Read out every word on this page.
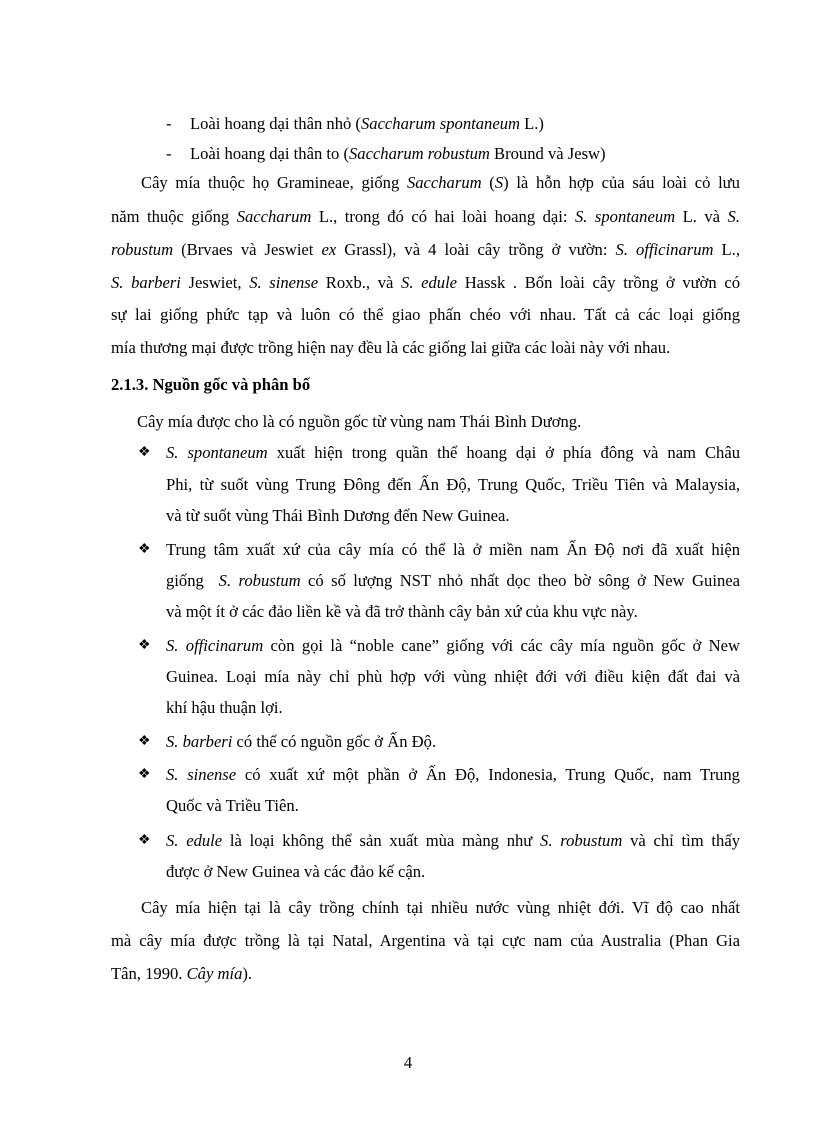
- Loài hoang dại thân nhỏ (Saccharum spontaneum L.)
- Loài hoang dại thân to (Saccharum robustum Bround và Jesw)
Cây mía thuộc họ Gramineae, giống Saccharum (S) là hỗn hợp của sáu loài cỏ lưu
năm thuộc giống Saccharum L., trong đó có hai loài hoang dại: S. spontaneum L. và S.
robustum (Brvaes và Jeswiet ex Grassl), và 4 loài cây trồng ở vườn: S. officinarum L.,
S. barberi Jeswiet, S. sinense Roxb., và S. edule Hassk . Bốn loài cây trồng ở vườn có
sự lai giống phức tạp và luôn có thể giao phấn chéo với nhau. Tất cả các loại giống
mía thương mại được trồng hiện nay đều là các giống lai giữa các loài này với nhau.
2.1.3. Nguồn gốc và phân bố
Cây mía được cho là có nguồn gốc từ vùng nam Thái Bình Dương.
❖ S. spontaneum xuất hiện trong quần thể hoang dại ở phía đông và nam Châu
Phi, từ suốt vùng Trung Đông đến Ấn Độ, Trung Quốc, Triều Tiên và Malaysia,
và từ suốt vùng Thái Bình Dương đến New Guinea.
❖ Trung tâm xuất xứ của cây mía có thể là ở miền nam Ấn Độ nơi đã xuất hiện
giống  S. robustum có số lượng NST nhỏ nhất dọc theo bờ sông ở New Guinea
và một ít ở các đảo liền kề và đã trở thành cây bản xứ của khu vực này.
❖ S. officinarum còn gọi là “noble cane” giống với các cây mía nguồn gốc ở New
Guinea. Loại mía này chỉ phù hợp với vùng nhiệt đới với điều kiện đất đai và
khí hậu thuận lợi.
❖ S. barberi có thể có nguồn gốc ở Ấn Độ.
❖ S. sinense có xuất xứ một phần ở Ấn Độ, Indonesia, Trung Quốc, nam Trung
Quốc và Triều Tiên.
❖ S. edule là loại không thể sản xuất mùa màng như S. robustum và chỉ tìm thấy
được ở New Guinea và các đảo kế cận.
Cây mía hiện tại là cây trồng chính tại nhiều nước vùng nhiệt đới. Vĩ độ cao nhất
mà cây mía được trồng là tại Natal, Argentina và tại cực nam của Australia (Phan Gia
Tân, 1990. Cây mía).
4
